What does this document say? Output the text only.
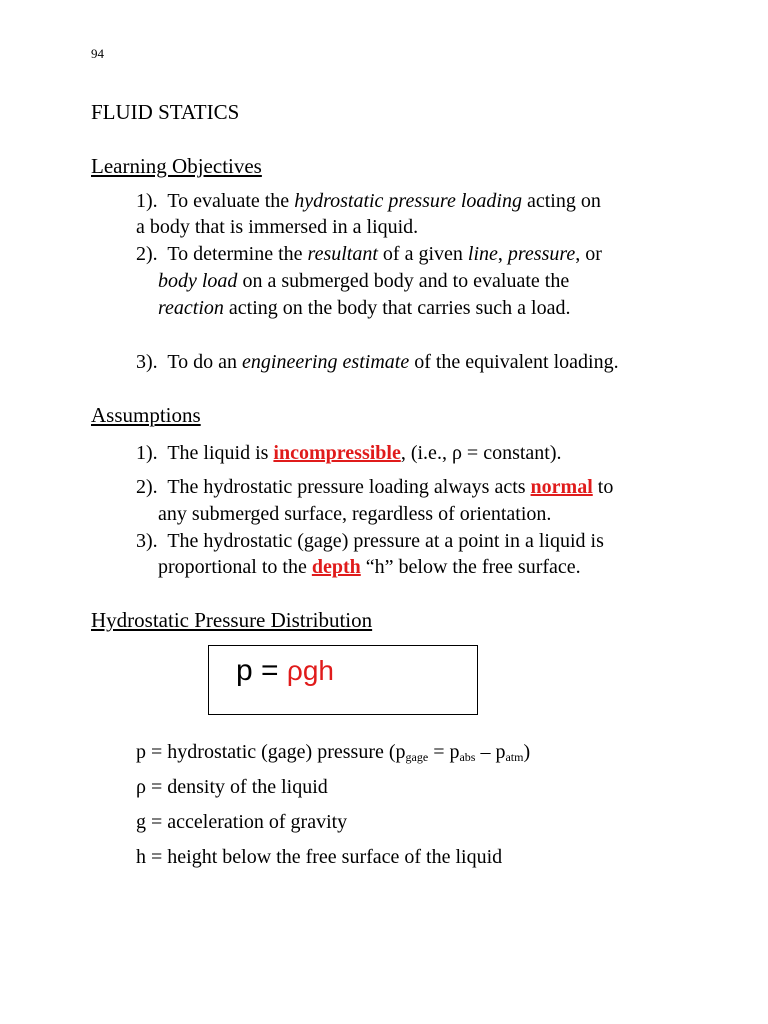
94
FLUID STATICS
Learning Objectives
1). To evaluate the hydrostatic pressure loading acting on
a body that is immersed in a liquid.
2). To determine the resultant of a given line, pressure, or
body load on a submerged body and to evaluate the
reaction acting on the body that carries such a load.
3). To do an engineering estimate of the equivalent loading.
Assumptions
1). The liquid is incompressible, (i.e., ρ = constant).
2). The hydrostatic pressure loading always acts normal to
any submerged surface, regardless of orientation.
3). The hydrostatic (gage) pressure at a point in a liquid is
proportional to the depth “h” below the free surface.
Hydrostatic Pressure Distribution
p = ρgh
p = hydrostatic (gage) pressure $(p_{gage} = p_{abs} - p_{atm})$
ρ = density of the liquid
g = acceleration of gravity
h = height below the free surface of the liquid
